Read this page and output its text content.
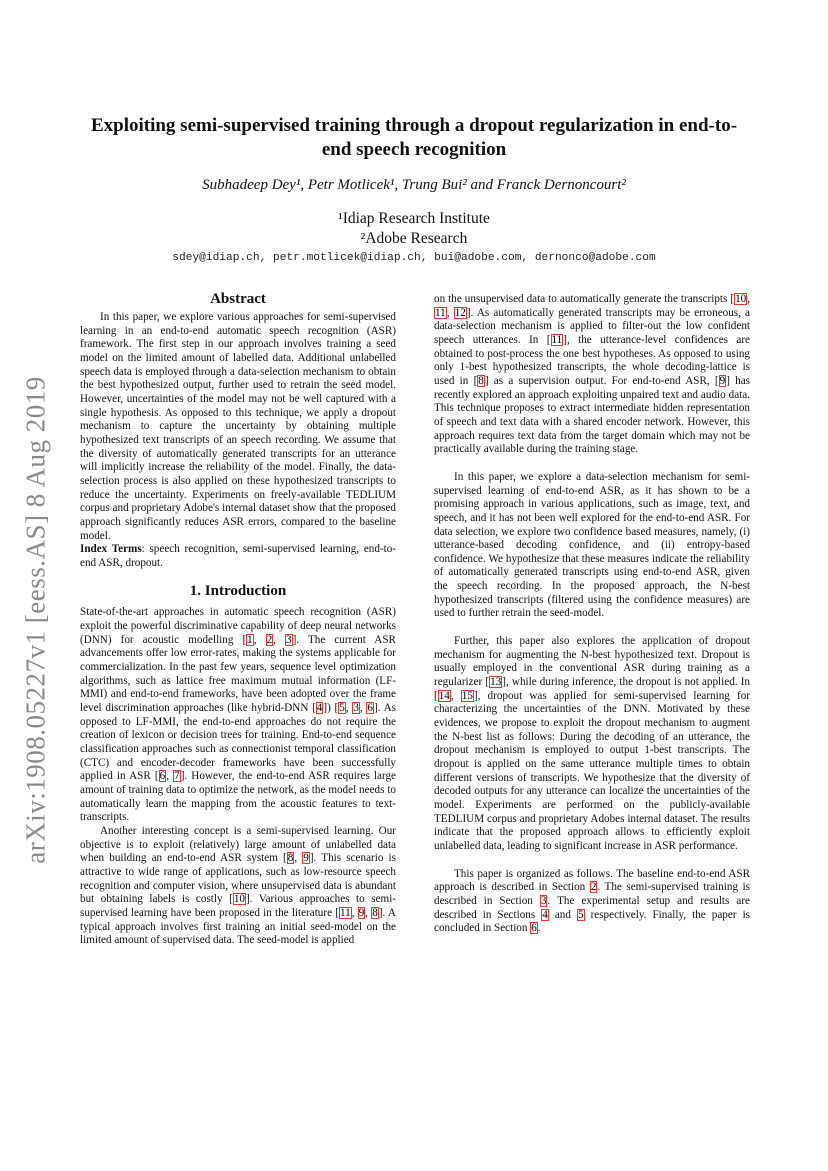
arXiv:1908.05227v1 [eess.AS] 8 Aug 2019
Exploiting semi-supervised training through a dropout regularization in end-to-end speech recognition
Subhadeep Dey¹, Petr Motlicek¹, Trung Bui² and Franck Dernoncourt²
¹Idiap Research Institute
²Adobe Research
sdey@idiap.ch, petr.motlicek@idiap.ch, bui@adobe.com, dernonco@adobe.com
Abstract

In this paper, we explore various approaches for semi-supervised learning in an end-to-end automatic speech recognition (ASR) framework. The first step in our approach involves training a seed model on the limited amount of labelled data. Additional unlabelled speech data is employed through a data-selection mechanism to obtain the best hypothesized output, further used to retrain the seed model. However, uncertainties of the model may not be well captured with a single hypothesis. As opposed to this technique, we apply a dropout mechanism to capture the uncertainty by obtaining multiple hypothesized text transcripts of an speech recording. We assume that the diversity of automatically generated transcripts for an utterance will implicitly increase the reliability of the model. Finally, the data-selection process is also applied on these hypothesized transcripts to reduce the uncertainty. Experiments on freely-available TEDLIUM corpus and proprietary Adobe's internal dataset show that the proposed approach significantly reduces ASR errors, compared to the baseline model.

Index Terms: speech recognition, semi-supervised learning, end-to-end ASR, dropout.

1. Introduction

State-of-the-art approaches in automatic speech recognition (ASR) exploit the powerful discriminative capability of deep neural networks (DNN) for acoustic modelling [1, 2, 3]. The current ASR advancements offer low error-rates, making the systems applicable for commercialization. In the past few years, sequence level optimization algorithms, such as lattice free maximum mutual information (LF-MMI) and end-to-end frameworks, have been adopted over the frame level discrimination approaches (like hybrid-DNN [4]) [5, 3, 6]. As opposed to LF-MMI, the end-to-end approaches do not require the creation of lexicon or decision trees for training. End-to-end sequence classification approaches such as connectionist temporal classification (CTC) and encoder-decoder frameworks have been successfully applied in ASR [6, 7]. However, the end-to-end ASR requires large amount of training data to optimize the network, as the model needs to automatically learn the mapping from the acoustic features to text-transcripts.

Another interesting concept is a semi-supervised learning. Our objective is to exploit (relatively) large amount of unlabelled data when building an end-to-end ASR system [8, 9]. This scenario is attractive to wide range of applications, such as low-resource speech recognition and computer vision, where unsupervised data is abundant but obtaining labels is costly [10]. Various approaches to semi-supervised learning have been proposed in the literature [11, 9, 8]. A typical approach involves first training an initial seed-model on the limited amount of supervised data. The seed-model is applied

on the unsupervised data to automatically generate the transcripts [10, 11, 12]. As automatically generated transcripts may be erroneous, a data-selection mechanism is applied to filter-out the low confident speech utterances. In [11], the utterance-level confidences are obtained to post-process the one best hypotheses. As opposed to using only 1-best hypothesized transcripts, the whole decoding-lattice is used in [8] as a supervision output. For end-to-end ASR, [9] has recently explored an approach exploiting unpaired text and audio data. This technique proposes to extract intermediate hidden representation of speech and text data with a shared encoder network. However, this approach requires text data from the target domain which may not be practically available during the training stage.

In this paper, we explore a data-selection mechanism for semi-supervised learning of end-to-end ASR, as it has shown to be a promising approach in various applications, such as image, text, and speech, and it has not been well explored for the end-to-end ASR. For data selection, we explore two confidence based measures, namely, (i) utterance-based decoding confidence, and (ii) entropy-based confidence. We hypothesize that these measures indicate the reliability of automatically generated transcripts using end-to-end ASR, given the speech recording. In the proposed approach, the N-best hypothesized transcripts (filtered using the confidence measures) are used to further retrain the seed-model.

Further, this paper also explores the application of dropout mechanism for augmenting the N-best hypothesized text. Dropout is usually employed in the conventional ASR during training as a regularizer [13], while during inference, the dropout is not applied. In [14, 15], dropout was applied for semi-supervised learning for characterizing the uncertainties of the DNN. Motivated by these evidences, we propose to exploit the dropout mechanism to augment the N-best list as follows: During the decoding of an utterance, the dropout mechanism is employed to output 1-best transcripts. The dropout is applied on the same utterance multiple times to obtain different versions of transcripts. We hypothesize that the diversity of decoded outputs for any utterance can localize the uncertainties of the model. Experiments are performed on the publicly-available TEDLIUM corpus and proprietary Adobes internal dataset. The results indicate that the proposed approach allows to efficiently exploit unlabelled data, leading to significant increase in ASR performance.

This paper is organized as follows. The baseline end-to-end ASR approach is described in Section 2. The semi-supervised training is described in Section 3. The experimental setup and results are described in Sections 4 and 5 respectively. Finally, the paper is concluded in Section 6.
